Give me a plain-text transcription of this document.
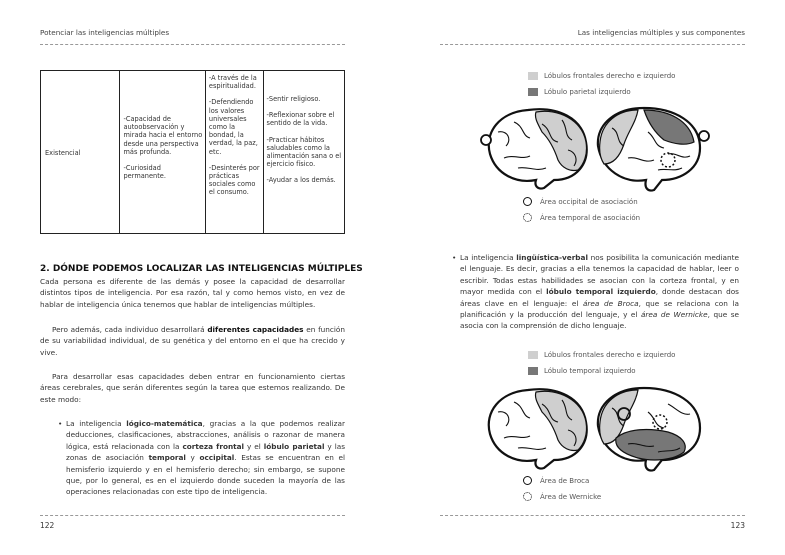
Potenciar las inteligencias múltiples
Existencial

-Capacidad de autoobservación y mirada hacia el entorno desde una perspectiva más profunda.

-Curiosidad permanente.

-A través de la espiritualidad.

-Defendiendo los valores universales como la bondad, la verdad, la paz, etc.

-Desinterés por prácticas sociales como el consumo.

-Sentir religioso.

-Reflexionar sobre el sentido de la vida.

-Practicar hábitos saludables como la alimentación sana o el ejercicio físico.

-Ayudar a los demás.

2. DÓNDE PODEMOS LOCALIZAR LAS INTELIGENCIAS MÚLTIPLES
Cada persona es diferente de las demás y posee la capacidad de desarrollar distintos tipos de inteligencia. Por esa razón, tal y como hemos visto, en vez de hablar de inteligencia única tenemos que hablar de inteligencias múltiples.
Pero además, cada individuo desarrollará diferentes capacidades en función de su variabilidad individual, de su genética y del entorno en el que ha crecido y vive.
Para desarrollar esas capacidades deben entrar en funcionamiento ciertas áreas cerebrales, que serán diferentes según la tarea que estemos realizando. De este modo:
• La inteligencia lógico-matemática, gracias a la que podemos realizar deducciones, clasificaciones, abstracciones, análisis o razonar de manera lógica, está relacionada con la corteza frontal y el lóbulo parietal y las zonas de asociación temporal y occipital. Estas se encuentran en el hemisferio izquierdo y en el hemisferio derecho; sin embargo, se supone que, por lo general, es en el izquierdo donde suceden la mayoría de las operaciones relacionadas con este tipo de inteligencia.
122
Las inteligencias múltiples y sus componentes
Lóbulos frontales derecho e izquierdo
Lóbulo parietal izquierdo
Área occipital de asociación
Área temporal de asociación
• La inteligencia lingüística-verbal nos posibilita la comunicación mediante el lenguaje. Es decir, gracias a ella tenemos la capacidad de hablar, leer o escribir. Todas estas habilidades se asocian con la corteza frontal, y en mayor medida con el lóbulo temporal izquierdo, donde destacan dos áreas clave en el lenguaje: el área de Broca, que se relaciona con la planificación y la producción del lenguaje, y el área de Wernicke, que se asocia con la comprensión de dicho lenguaje.
Lóbulos frontales derecho e izquierdo
Lóbulo temporal izquierdo
Área de Broca
Área de Wernicke
123
